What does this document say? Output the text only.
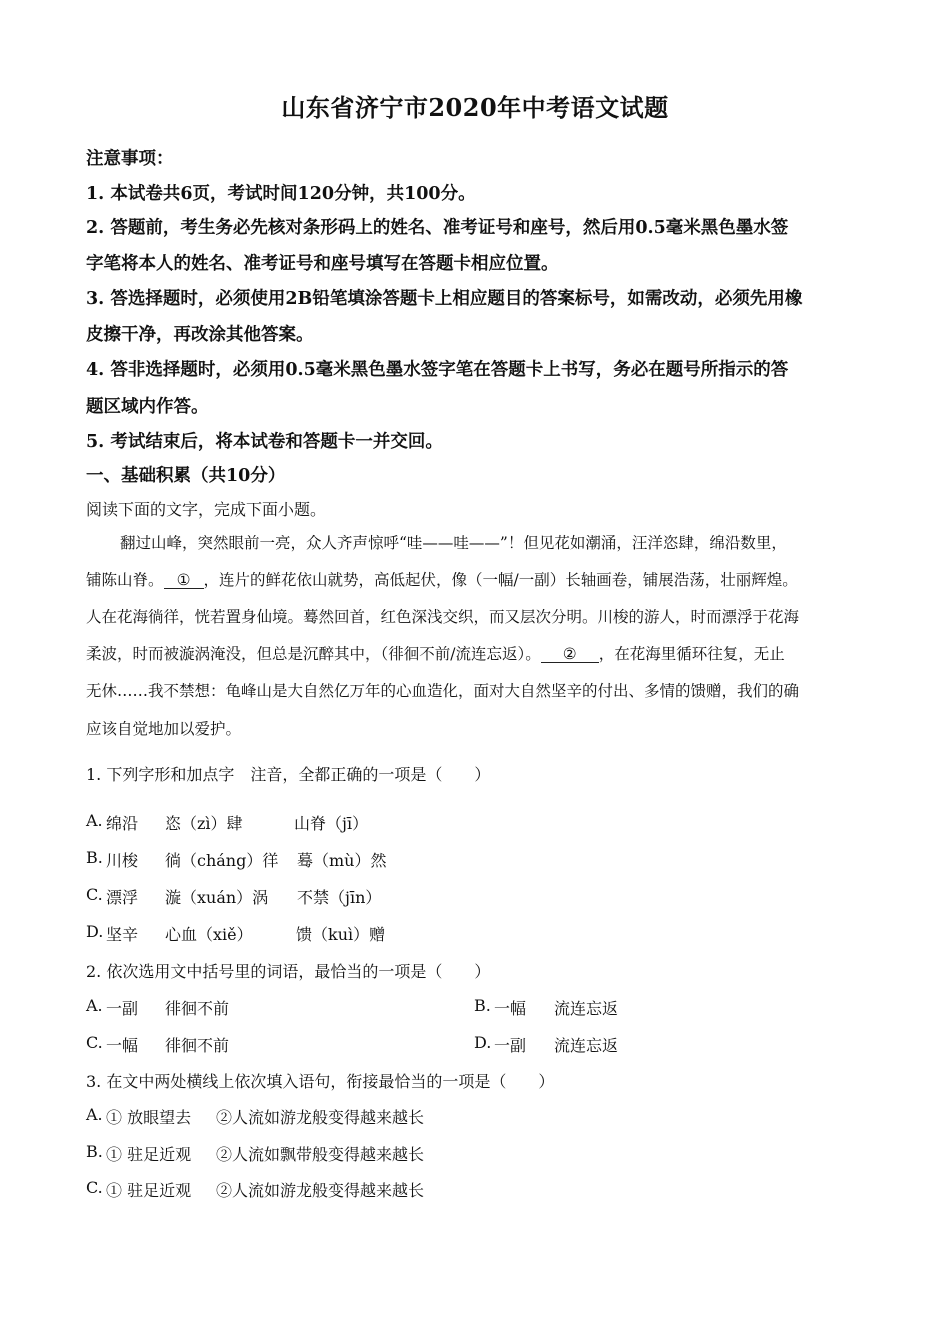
山东省济宁市2020年中考语文试题
注意事项：
1. 本试卷共6页，考试时间120分钟，共100分。
2. 答题前，考生务必先核对条形码上的姓名、准考证号和座号，然后用0.5毫米黑色墨水签
字笔将本人的姓名、准考证号和座号填写在答题卡相应位置。
3. 答选择题时，必须使用2B铅笔填涂答题卡上相应题目的答案标号，如需改动，必须先用橡
皮擦干净，再改涂其他答案。
4. 答非选择题时，必须用0.5毫米黑色墨水签字笔在答题卡上书写，务必在题号所指示的答
题区域内作答。
5. 考试结束后，将本试卷和答题卡一并交回。
一、基础积累（共10分）
阅读下面的文字，完成下面小题。
翻过山峰，突然眼前一亮，众人齐声惊呼“哇——哇——”！但见花如潮涌，汪洋恣肆，绵沿数里，
铺陈山脊。 ① ，连片的鲜花依山就势，高低起伏，像（一幅/一副）长轴画卷，铺展浩荡，壮丽辉煌。
人在花海徜徉，恍若置身仙境。蓦然回首，红色深浅交织，而又层次分明。川梭的游人，时而漂浮于花海
柔波，时而被漩涡淹没，但总是沉醉其中，（徘徊不前/流连忘返）。 ② ，在花海里循环往复，无止
无休……我不禁想：龟峰山是大自然亿万年的心血造化，面对大自然坚辛的付出、多情的馈赠，我们的确
应该自觉地加以爱护。
1. 下列字形和加点字　注音，全都正确的一项是（　　）
A. 绵沿 恣（zì）肆	山脊（jī）
B. 川梭 徜（cháng）徉 蓦（mù）然
C. 漂浮 漩（xuán）涡 不禁（jīn）
D. 坚辛 心血（xiě）	馈（kuì）赠
2. 依次选用文中括号里的词语，最恰当的一项是（　　）
A. 一副 徘徊不前	B. 一幅 流连忘返
C. 一幅 徘徊不前	D. 一副 流连忘返
3. 在文中两处横线上依次填入语句，衔接最恰当的一项是（　　）
A. ① 放眼望去 ②人流如游龙般变得越来越长
B. ① 驻足近观 ②人流如飘带般变得越来越长
C. ① 驻足近观 ②人流如游龙般变得越来越长
